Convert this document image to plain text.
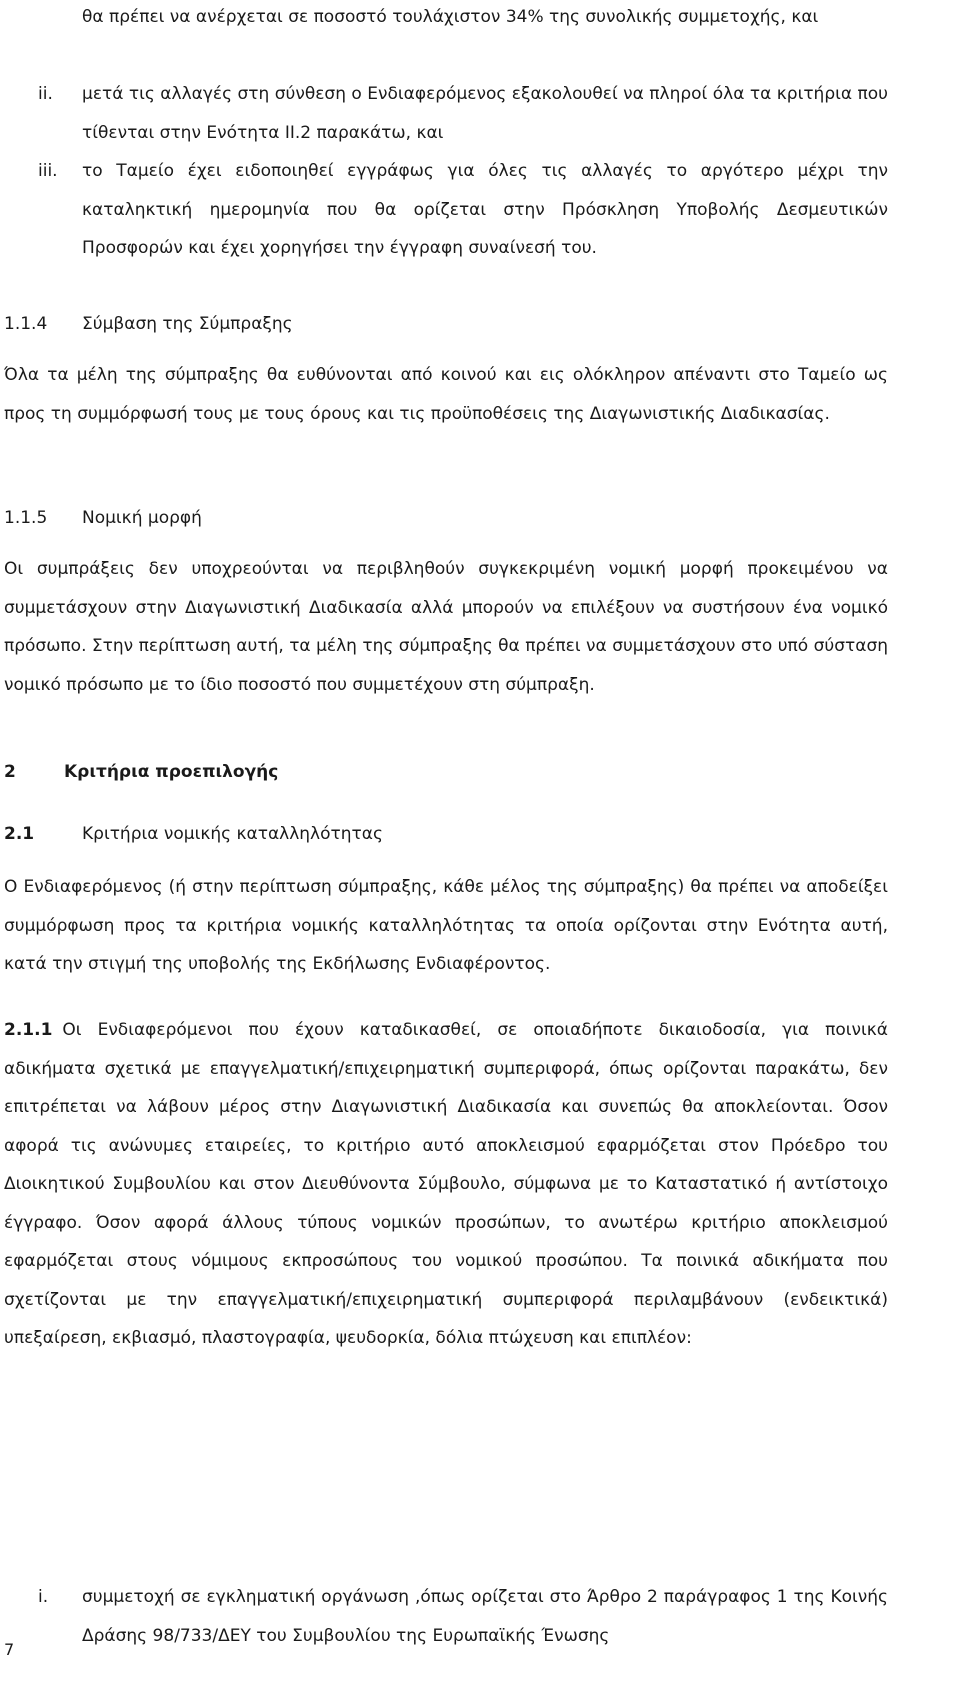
θα πρέπει να ανέρχεται σε ποσοστό τουλάχιστον 34% της συνολικής συμμετοχής, και

ii.	μετά τις αλλαγές στη σύνθεση ο Ενδιαφερόμενος εξακολουθεί να πληροί όλα τα κριτήρια που τίθενται στην Ενότητα ΙΙ.2 παρακάτω, και

iii.	το Ταμείο έχει ειδοποιηθεί εγγράφως για όλες τις αλλαγές το αργότερο μέχρι την καταληκτική ημερομηνία που θα ορίζεται στην Πρόσκληση Υποβολής Δεσμευτικών Προσφορών και έχει χορηγήσει την έγγραφη συναίνεσή του.

1.1.4 Σύμβαση της Σύμπραξης

Όλα τα μέλη της σύμπραξης θα ευθύνονται από κοινού και εις ολόκληρον απέναντι στο Ταμείο ως προς τη συμμόρφωσή τους με τους όρους και τις προϋποθέσεις της Διαγωνιστικής Διαδικασίας.

1.1.5 Νομική μορφή

Οι συμπράξεις δεν υποχρεούνται να περιβληθούν συγκεκριμένη νομική μορφή προκειμένου να συμμετάσχουν στην Διαγωνιστική Διαδικασία αλλά μπορούν να επιλέξουν να συστήσουν ένα νομικό πρόσωπο. Στην περίπτωση αυτή, τα μέλη της σύμπραξης θα πρέπει να συμμετάσχουν στο υπό σύσταση νομικό πρόσωπο με το ίδιο ποσοστό που συμμετέχουν στη σύμπραξη.

2	Κριτήρια προεπιλογής
2.1	Κριτήρια νομικής καταλληλότητας

Ο Ενδιαφερόμενος (ή στην περίπτωση σύμπραξης, κάθε μέλος της σύμπραξης) θα πρέπει να αποδείξει συμμόρφωση προς τα κριτήρια νομικής καταλληλότητας τα οποία ορίζονται στην Ενότητα αυτή, κατά την στιγμή της υποβολής της Εκδήλωσης Ενδιαφέροντος.

2.1.1 Οι Ενδιαφερόμενοι που έχουν καταδικασθεί, σε οποιαδήποτε δικαιοδοσία, για ποινικά αδικήματα σχετικά με επαγγελματική/επιχειρηματική συμπεριφορά, όπως ορίζονται παρακάτω, δεν επιτρέπεται να λάβουν μέρος στην Διαγωνιστική Διαδικασία και συνεπώς θα αποκλείονται. Όσον αφορά τις ανώνυμες εταιρείες, το κριτήριο αυτό αποκλεισμού εφαρμόζεται στον Πρόεδρο του Διοικητικού Συμβουλίου και στον Διευθύνοντα Σύμβουλο, σύμφωνα με το Καταστατικό ή αντίστοιχο έγγραφο. Όσον αφορά άλλους τύπους νομικών προσώπων, το ανωτέρω κριτήριο αποκλεισμού εφαρμόζεται στους νόμιμους εκπροσώπους του νομικού προσώπου. Τα ποινικά αδικήματα που σχετίζονται με την επαγγελματική/επιχειρηματική συμπεριφορά περιλαμβάνουν (ενδεικτικά) υπεξαίρεση, εκβιασμό, πλαστογραφία, ψευδορκία, δόλια πτώχευση και επιπλέον:

i.	συμμετοχή σε εγκληματική οργάνωση ,όπως ορίζεται στο Άρθρο 2 παράγραφος 1 της Κοινής Δράσης 98/733/ΔΕΥ του Συμβουλίου της Ευρωπαϊκής Ένωσης

7
